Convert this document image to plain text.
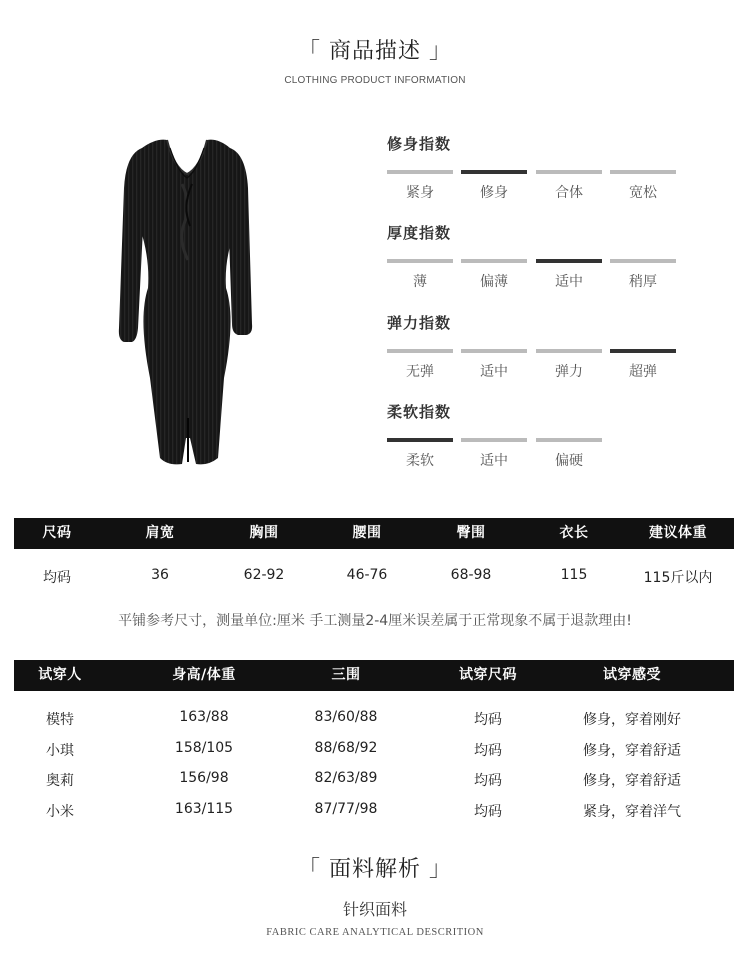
「 商品描述 」
CLOTHING PRODUCT INFORMATION
修身指数
紧身	修身	合体	宽松
厚度指数
薄	偏薄	适中	稍厚
弹力指数
无弹	适中	弹力	超弹
柔软指数
柔软	适中	偏硬
尺码	肩宽	胸围	腰围	臀围	衣长	建议体重
均码	36	62-92	46-76	68-98	115	115斤以内
平铺参考尺寸，测量单位:厘米 手工测量2-4厘米误差属于正常现象不属于退款理由!
试穿人	身高/体重	三围	试穿尺码	试穿感受
模特	163/88	83/60/88	均码	修身，穿着刚好
小琪	158/105	88/68/92	均码	修身，穿着舒适
奥莉	156/98	82/63/89	均码	修身，穿着舒适
小米	163/115	87/77/98	均码	紧身，穿着洋气
「 面料解析 」
针织面料
FABRIC CARE ANALYTICAL DESCRITION
